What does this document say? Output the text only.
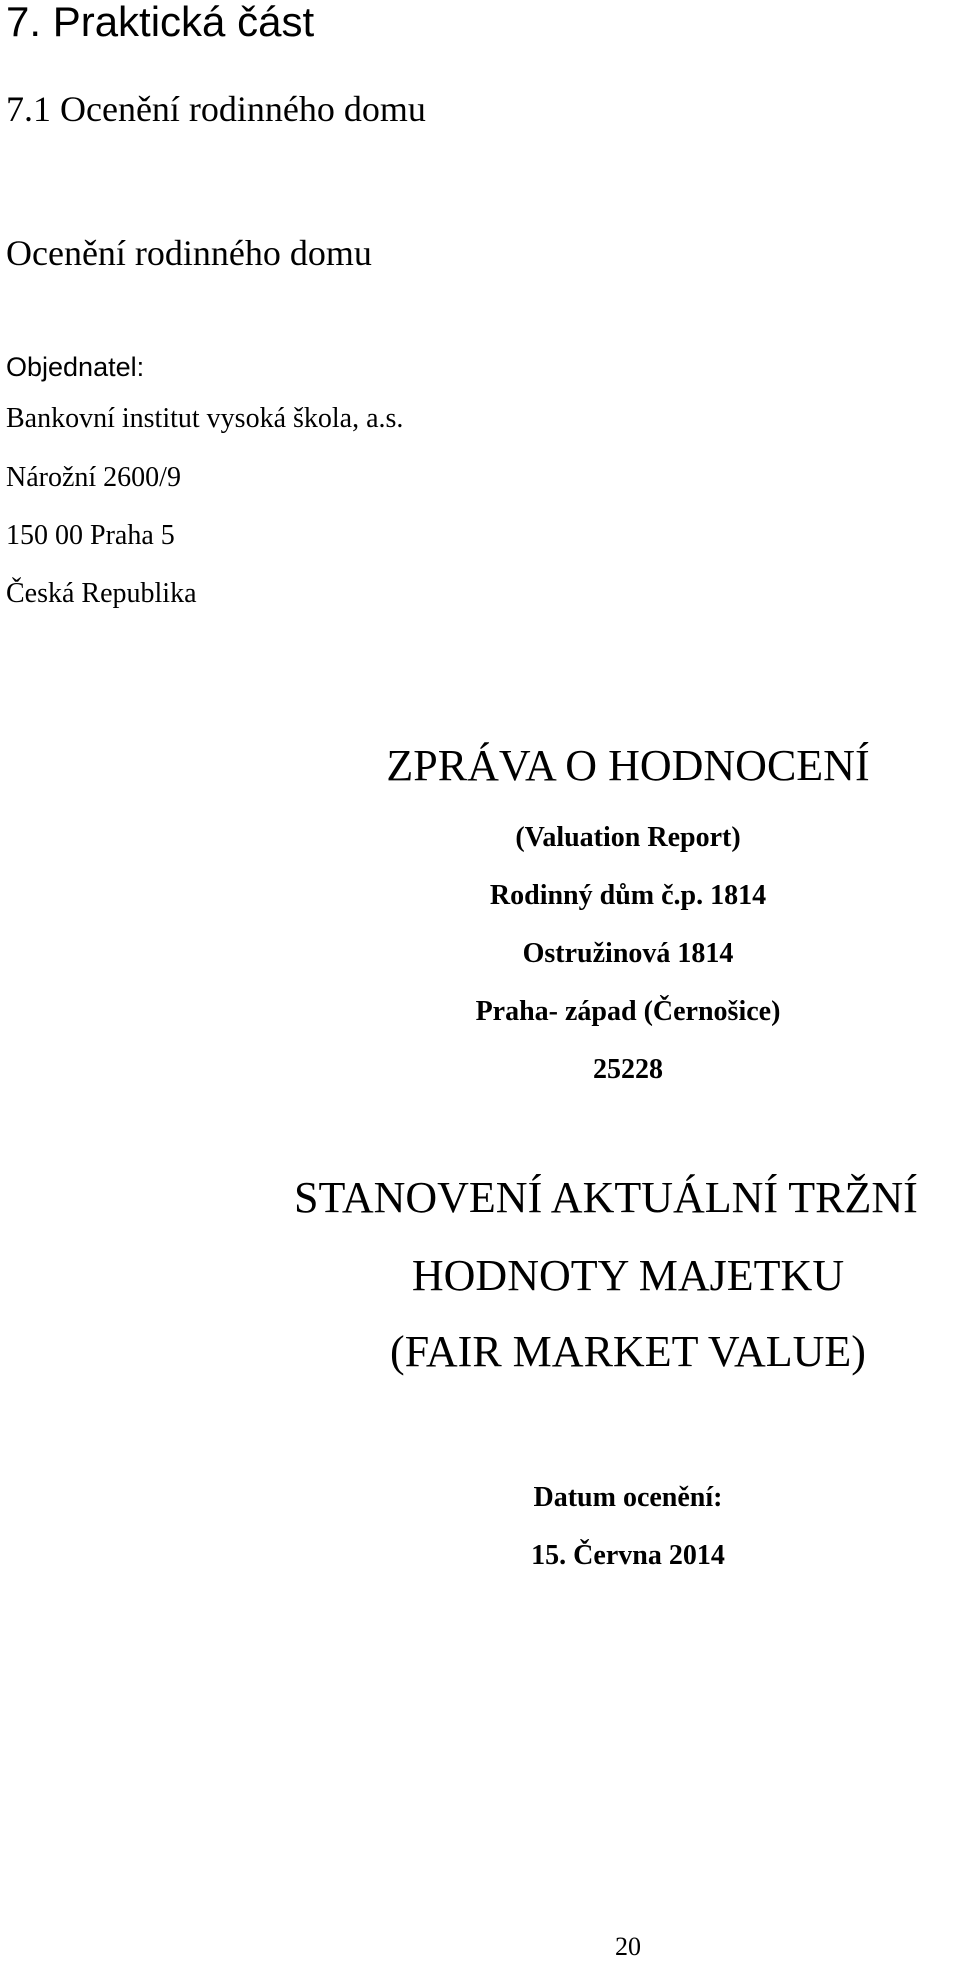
7. Praktická část
7.1 Ocenění rodinného domu
Ocenění rodinného domu
Objednatel:
Bankovní institut vysoká škola, a.s.
Nárožní 2600/9
150 00 Praha 5
Česká Republika
ZPRÁVA O HODNOCENÍ
(Valuation Report)
Rodinný dům č.p. 1814
Ostružinová 1814
Praha- západ (Černošice)
25228
STANOVENÍ AKTUÁLNÍ TRŽNÍ
HODNOTY MAJETKU
(FAIR MARKET VALUE)
Datum ocenění:
15. Června 2014
20
